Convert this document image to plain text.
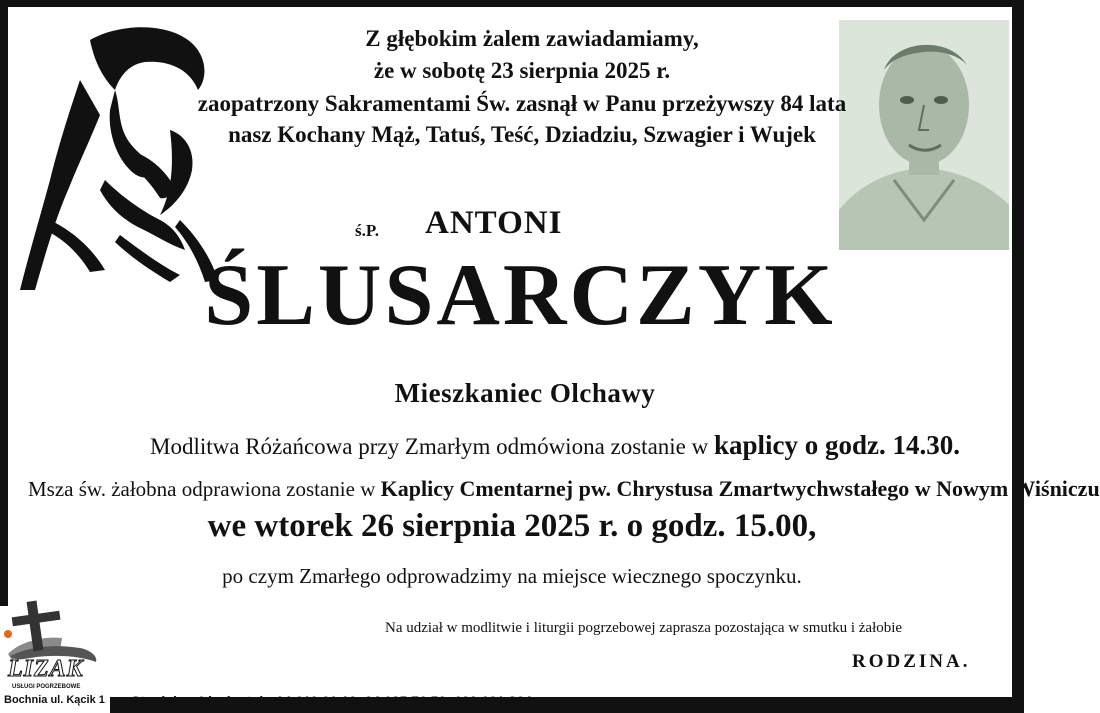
Z głębokim żalem zawiadamiamy,
że w sobotę 23 sierpnia 2025 r.
zaopatrzony Sakramentami Św. zasnął w Panu przeżywszy 84 lata
nasz Kochany Mąż, Tatuś, Teść, Dziadziu, Szwagier i Wujek
ś.P. ANTONI
ŚLUSARCZYK
Mieszkaniec Olchawy
Modlitwa Różańcowa przy Zmarłym odmówiona zostanie w kaplicy o godz. 14.30.
Msza św. żałobna odprawiona zostanie w Kaplicy Cmentarnej pw. Chrystusa Zmartwychwstałego w Nowym Wiśniczu
we wtorek 26 sierpnia 2025 r. o godz. 15.00,
po czym Zmarłego odprowadzimy na miejsce wiecznego spoczynku.
Na udział w modlitwie i liturgii pogrzebowej zaprasza pozostająca w smutku i żałobie
RODZINA.
LIZAK
USŁUGI POGRZEBOWE
Bochnia ul. Kącik 1 Stanisław Lizak - tel.: 14 611 66 10, 14 685 76 50, 600 101 364
